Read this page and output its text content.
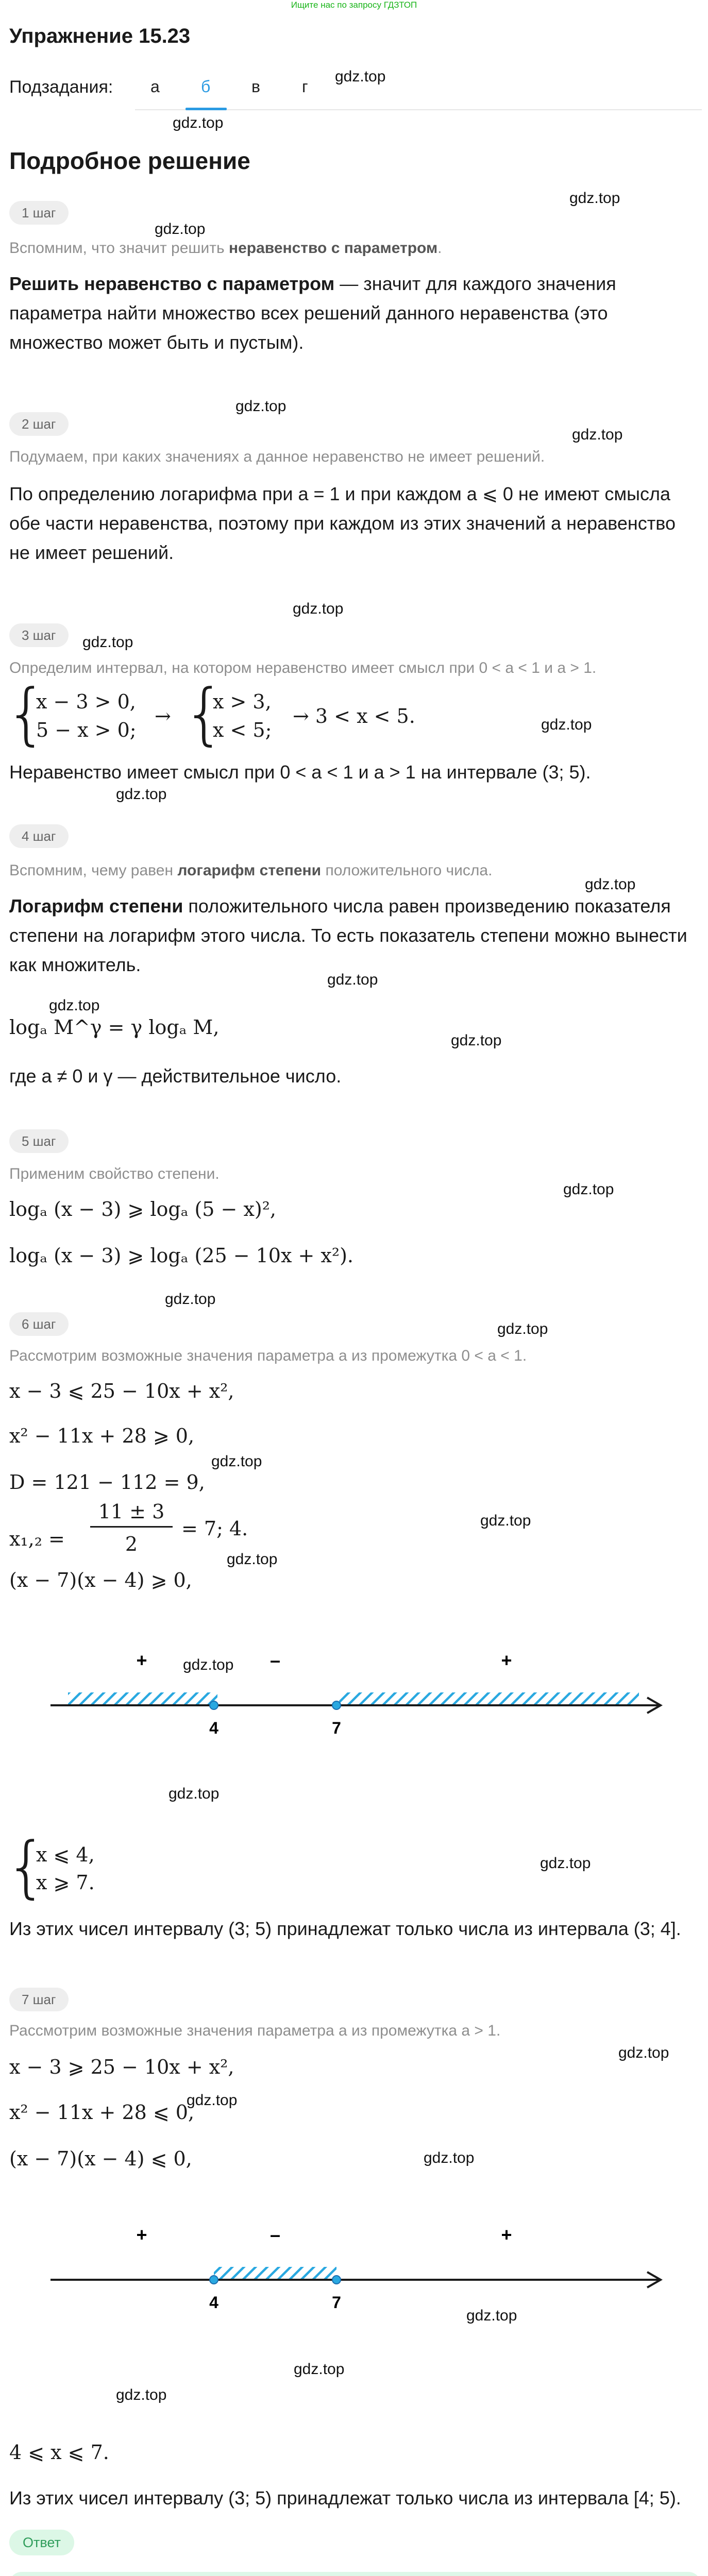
Ищите нас по запросу ГДЗТОП
Упражнение 15.23
Подзадания: а	б в	г
Подробное решение
1 шаг
Вспомним, что значит решить неравенство с параметром.
Решить неравенство с параметром — значит для каждого значения параметра найти множество всех решений данного неравенства (это множество может быть и пустым).
2 шаг
Подумаем, при каких значениях a данное неравенство не имеет решений.
По определению логарифма при a = 1 и при каждом a ⩽ 0 не имеют смысла обе части неравенства, поэтому при каждом из этих значений a неравенство не имеет решений.
3 шаг
Определим интервал, на котором неравенство имеет смысл при 0 < a < 1 и a > 1.
{
x − 3 > 0,
5 − x > 0;
→ {
x > 3,
x < 5;
→ 3 < x < 5.
Неравенство имеет смысл при 0 < a < 1 и a > 1 на интервале (3; 5).
4 шаг
Вспомним, чему равен логарифм степени положительного числа.
Логарифм степени положительного числа равен произведению показателя степени на логарифм этого числа. То есть показатель степени можно вынести как множитель.
logₐ M^γ = γ logₐ M,
где a ≠ 0 и γ — действительное число.
5 шаг
Применим свойство степени.
logₐ (x − 3) ⩾ logₐ (5 − x)²,
logₐ (x − 3) ⩾ logₐ (25 − 10x + x²).
6 шаг
Рассмотрим возможные значения параметра a из промежутка 0 < a < 1.
x − 3 ⩽ 25 − 10x + x²,
x² − 11x + 28 ⩾ 0,
D = 121 − 112 = 9,
x₁,₂ =
11 ± 3
2
= 7; 4.
(x − 7)(x − 4) ⩾ 0,
+	–	+
4	7
{
x ⩽ 4,
x ⩾ 7.
Из этих чисел интервалу (3; 5) принадлежат только числа из интервала (3; 4].
7 шаг
Рассмотрим возможные значения параметра a из промежутка a > 1.
x − 3 ⩾ 25 − 10x + x²,
x² − 11x + 28 ⩽ 0,
(x − 7)(x − 4) ⩽ 0,
+	–	+
4	7
4 ⩽ x ⩽ 7.
Из этих чисел интервалу (3; 5) принадлежат только числа из интервала [4; 5).
Ответ
gdz.top
gdz.top
gdz.top
gdz.top
gdz.top
gdz.top
gdz.top
gdz.top
gdz.top
gdz.top
gdz.top
gdz.top
gdz.top
gdz.top
gdz.top
gdz.top
gdz.top
gdz.top
gdz.top
gdz.top
gdz.top
gdz.top
gdz.top
gdz.top
gdz.top
gdz.top
gdz.top
gdz.top
gdz.top
